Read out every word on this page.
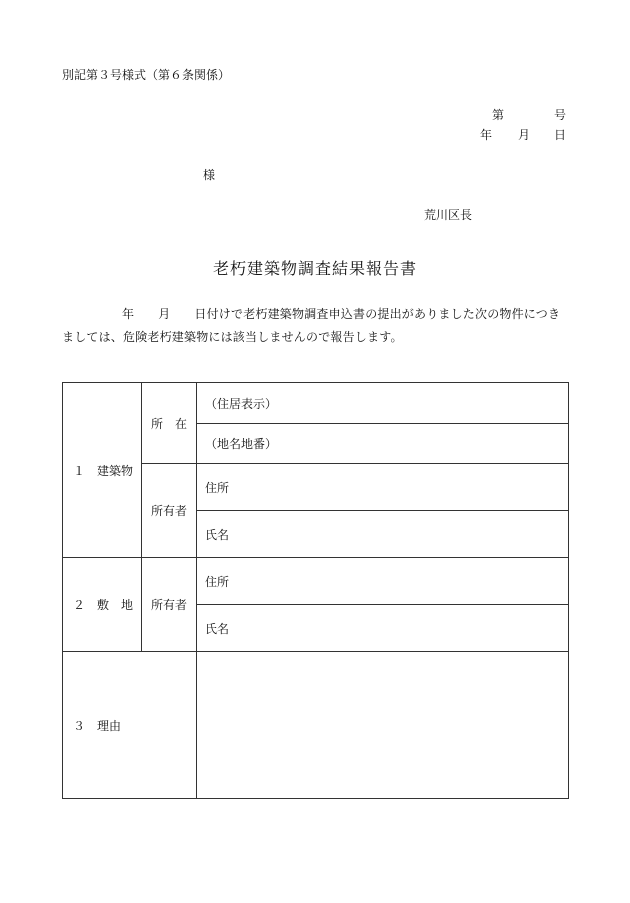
別記第３号様式（第６条関係）
第	号
年 月 日
様
荒川区長
老朽建築物調査結果報告書
年 月 日付けで老朽建築物調査申込書の提出がありました次の物件につきましては、危険老朽建築物には該当しませんので報告します。
１　建築物	所　在	（住居表示）
		（地名地番）
	所有者	住所
		氏名
２　敷　地	所有者	住所
		氏名
３　理由		
